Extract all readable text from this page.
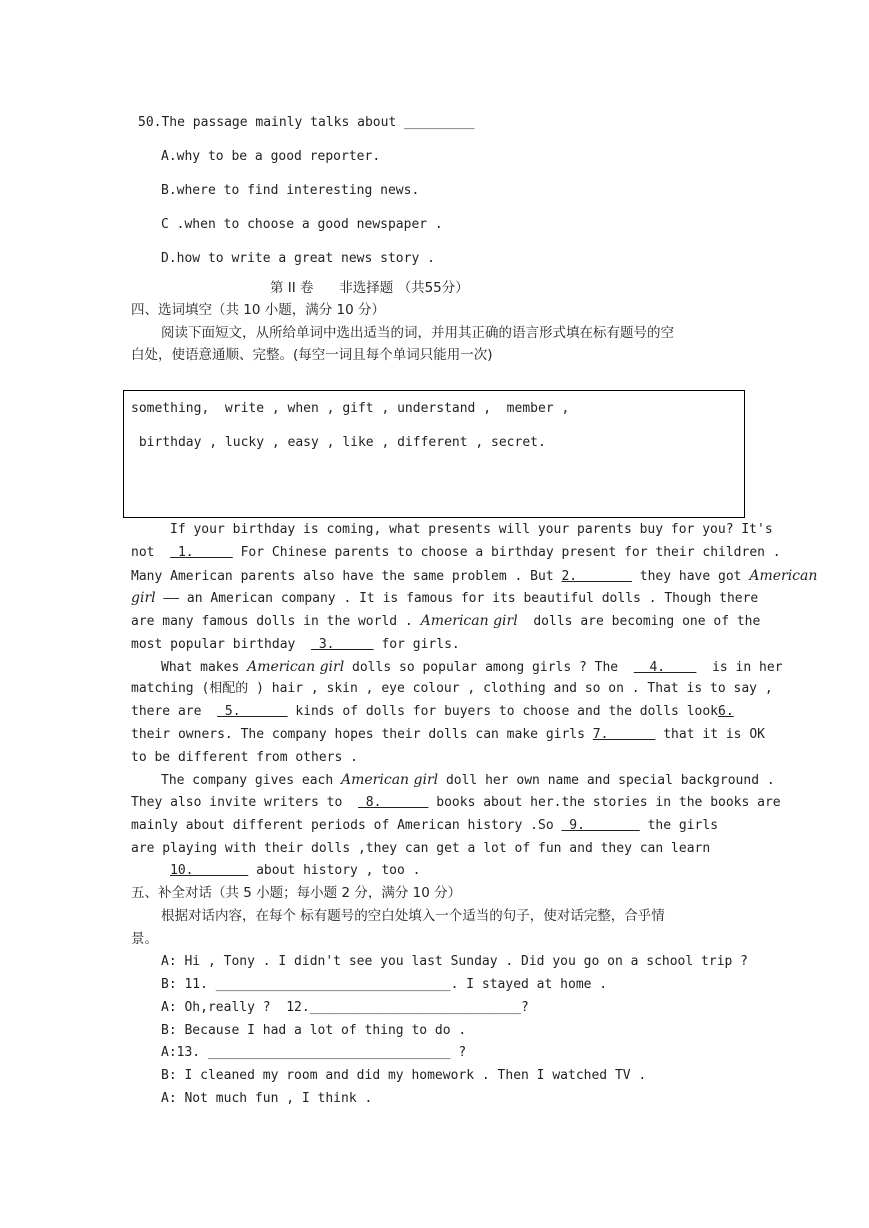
50.The passage mainly talks about _________
A.why to be a good reporter.
B.where to find interesting news.
C .when to choose a good newspaper .
D.how to write a great news story .
第 II 卷      非选择题 （共55分）
四、选词填空（共 10 小题，满分 10 分）
阅读下面短文，从所给单词中选出适当的词，并用其正确的语言形式填在标有题号的空
白处，使语意通顺、完整。(每空一词且每个单词只能用一次)
something,  write , when , gift , understand ,  member ,
birthday , lucky , easy , like , different , secret.
If your birthday is coming, what presents will your parents buy for you? It's
not   1.      For Chinese parents to choose a birthday present for their children .
Many American parents also have the same problem . But 2.        they have got American
girl —— an American company . It is famous for its beautiful dolls . Though there
are many famous dolls in the world . American girl  dolls are becoming one of the
most popular birthday   3.      for girls.
What makes American girl dolls so popular among girls ? The    4.      is in her
matching (相配的 ) hair , skin , eye colour , clothing and so on . That is to say ,
there are   5.       kinds of dolls for buyers to choose and the dolls look6.
their owners. The company hopes their dolls can make girls 7.       that it is OK
to be different from others .
The company gives each American girl doll her own name and special background .
They also invite writers to   8.       books about her.the stories in the books are
mainly about different periods of American history .So  9.        the girls
are playing with their dolls ,they can get a lot of fun and they can learn
10.        about history , too .
五、补全对话（共 5 小题；每小题 2 分，满分 10 分）
根据对话内容，在每个 标有题号的空白处填入一个适当的句子，使对话完整，合乎情
景。
A: Hi , Tony . I didn't see you last Sunday . Did you go on a school trip ?
B: 11. ______________________________. I stayed at home .
A: Oh,really ?  12.___________________________?
B: Because I had a lot of thing to do .
A:13. _______________________________ ?
B: I cleaned my room and did my homework . Then I watched TV .
A: Not much fun , I think .
